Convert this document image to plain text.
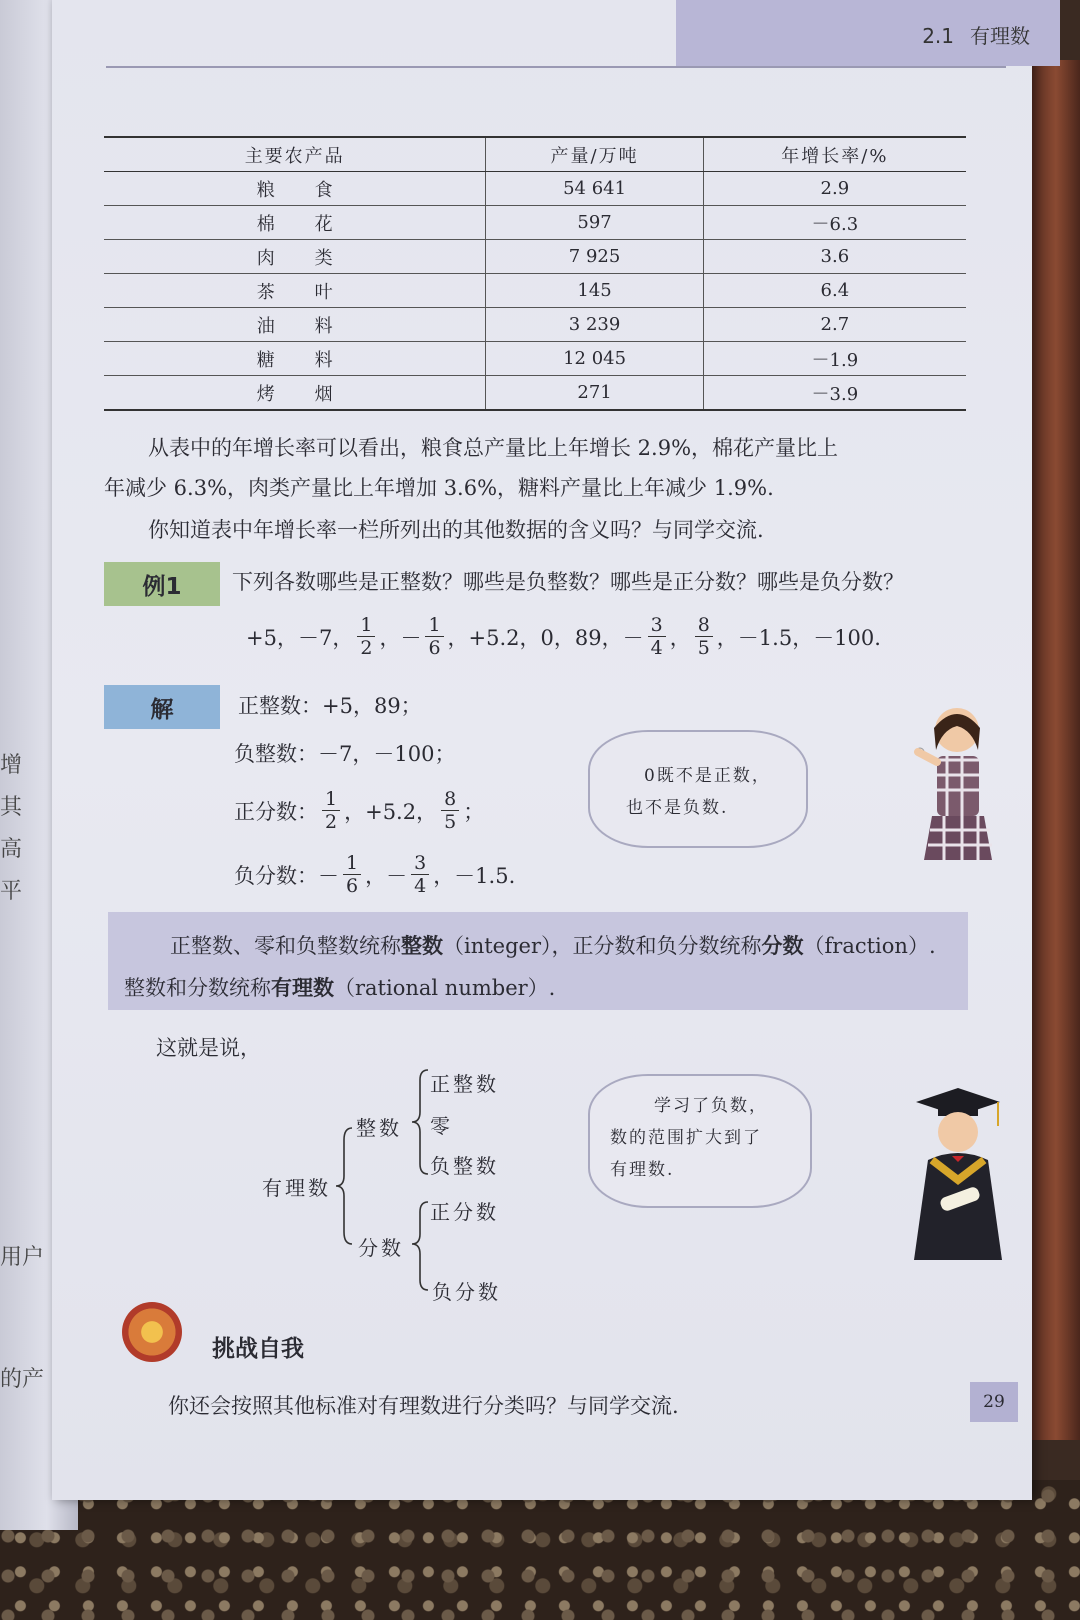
增
其
高
平
用户
的产
2.1 有理数
主要农产品	产量/万吨	年增长率/%
粮食	54 641	2.9
棉花	597	－6.3
肉类	7 925	3.6
茶叶	145	6.4
油料	3 239	2.7
糖料	12 045	－1.9
烤烟	271	－3.9
从表中的年增长率可以看出，粮食总产量比上年增长 2.9%，棉花产量比上
年减少 6.3%，肉类产量比上年增加 3.6%，糖料产量比上年减少 1.9%.
你知道表中年增长率一栏所列出的其他数据的含义吗？与同学交流.
例1	下列各数哪些是正整数？哪些是负整数？哪些是正分数？哪些是负分数？
+5， －7， $\frac{1}{2}$ ， － $\frac{1}{6}$ ， +5.2，0，89， － $\frac{3}{4}$ ， $\frac{8}{5}$ ， －1.5，－100.
解	正整数：+5，89；
负整数：－7，－100；
正分数： $\frac{1}{2}$ ，+5.2， $\frac{8}{5}$ ；
负分数： － $\frac{1}{6}$ ， － $\frac{3}{4}$ ，－1.5.
0既不是正数，
也不是负数.
正整数、零和负整数统称整数（integer），正分数和负分数统称分数（fraction）.
整数和分数统称有理数（rational number）.
这就是说，
有理数
整数
分数
正整数
零
负整数
正分数
负分数
学习了负数，
数的范围扩大到了
有理数.
挑战自我
你还会按照其他标准对有理数进行分类吗？与同学交流.	29
